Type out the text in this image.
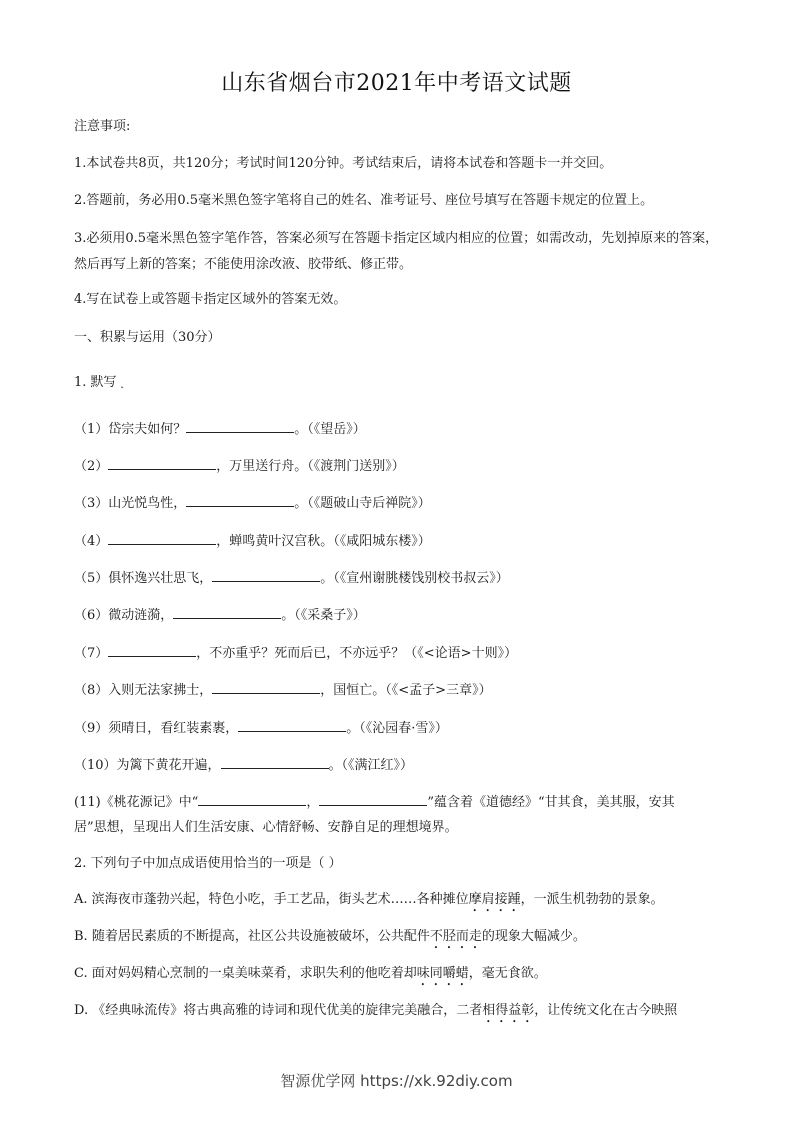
山东省烟台市2021年中考语文试题
注意事项:
1.本试卷共8页，共120分；考试时间120分钟。考试结束后，请将本试卷和答题卡一并交回。
2.答题前，务必用0.5毫米黑色签字笔将自己的姓名、准考证号、座位号填写在答题卡规定的位置上。
3.必须用0.5毫米黑色签字笔作答，答案必须写在答题卡指定区域内相应的位置；如需改动，先划掉原来的答案，然后再写上新的答案；不能使用涂改液、胶带纸、修正带。
4.写在试卷上或答题卡指定区域外的答案无效。
一、积累与运用（30分）
1. 默写 ˛
（1）岱宗夫如何？	。（《望岳》）
（2）	，万里送行舟。（《渡荆门送别》）
（3）山光悦鸟性，	。（《题破山寺后禅院》）
（4）	，蝉鸣黄叶汉宫秋。（《咸阳城东楼》）
（5）俱怀逸兴壮思飞，	。（《宣州谢朓楼饯别校书叔云》）
（6）微动涟漪，	。（《采桑子》）
（7）	，不亦重乎？死而后已，不亦远乎？（《<论语>十则》）
（8）入则无法家拂士，	，国恒亡。（《<孟子>三章》）
（9）须晴日，看红装素裹，	。（《沁园春·雪》）
（10）为篱下黄花开遍，	。（《满江红》）
(11)《桃花源记》中“	，	”蕴含着《道德经》“甘其食，美其服，安其
居”思想，呈现出人们生活安康、心情舒畅、安静自足的理想境界。
2. 下列句子中加点成语使用恰当的一项是（ ）
A. 滨海夜市蓬勃兴起，特色小吃，手工艺品，街头艺术……各种摊位摩肩接踵，一派生机勃勃的景象。
B. 随着居民素质的不断提高，社区公共设施被破坏，公共配件不胫而走的现象大幅减少。
C. 面对妈妈精心烹制的一桌美味菜肴，求职失利的他吃着却味同嚼蜡，毫无食欲。
D. 《经典咏流传》将古典高雅的诗词和现代优美的旋律完美融合，二者相得益彰，让传统文化在古今映照
智源优学网 https://xk.92diy.com
